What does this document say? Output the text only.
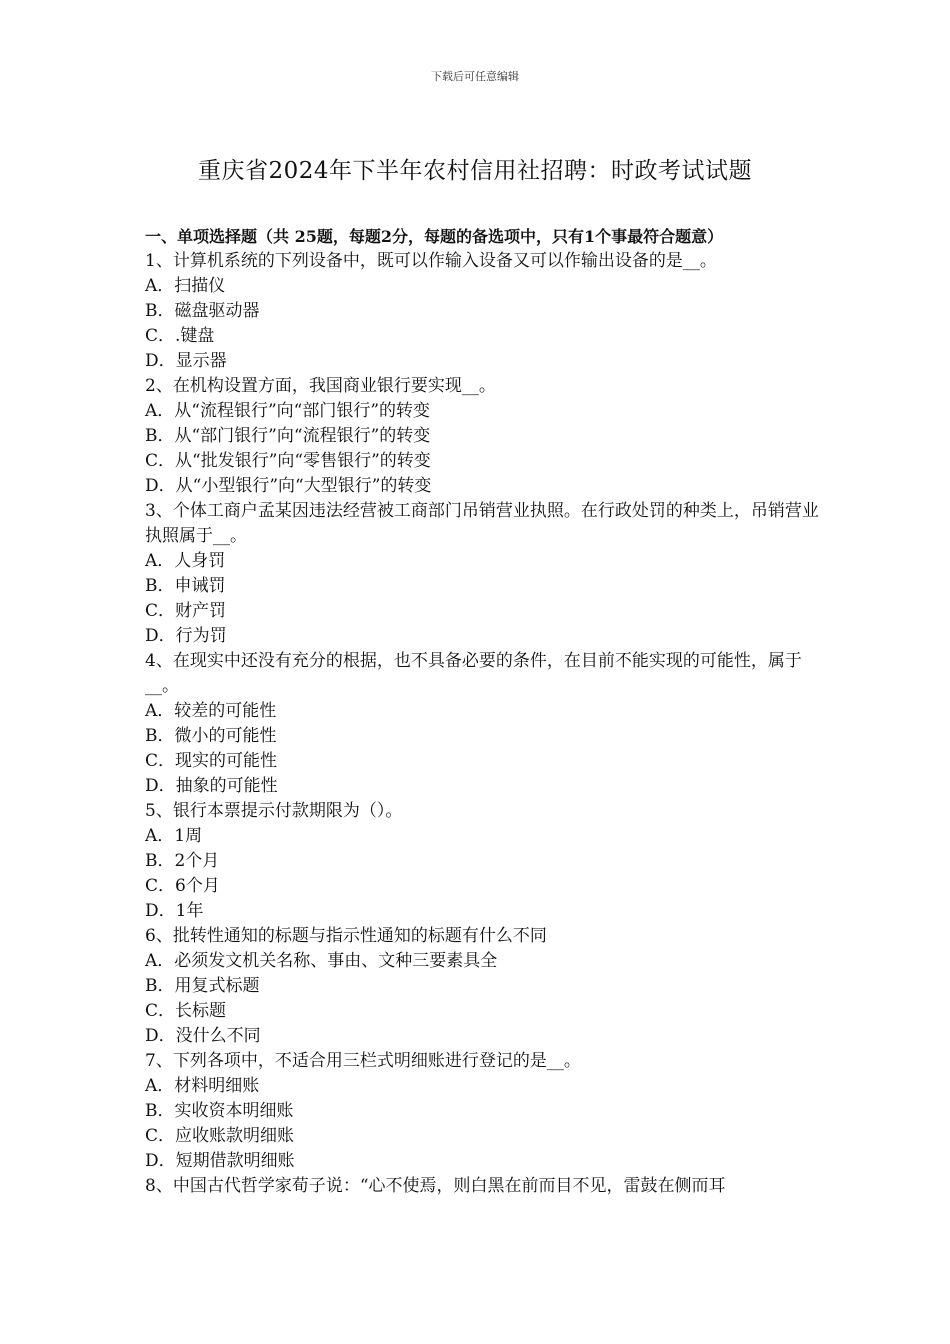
下载后可任意编辑
重庆省2024年下半年农村信用社招聘：时政考试试题

一、单项选择题（共 25题，每题2分，每题的备选项中，只有1个事最符合题意）

1、计算机系统的下列设备中，既可以作输入设备又可以作输出设备的是__。

A．扫描仪
B．磁盘驱动器
C．.键盘
D．显示器

2、在机构设置方面，我国商业银行要实现__。

A．从“流程银行”向“部门银行”的转变
B．从“部门银行”向“流程银行”的转变
C．从“批发银行”向“零售银行”的转变
D．从“小型银行”向“大型银行”的转变

3、个体工商户孟某因违法经营被工商部门吊销营业执照。在行政处罚的种类上，吊销营业执照属于__。

A．人身罚
B．申诫罚
C．财产罚
D．行为罚

4、在现实中还没有充分的根据，也不具备必要的条件，在目前不能实现的可能性，属于__。

A．较差的可能性
B．微小的可能性
C．现实的可能性
D．抽象的可能性

5、银行本票提示付款期限为（）。

A．1周
B．2个月
C．6个月
D．1年

6、批转性通知的标题与指示性通知的标题有什么不同

A．必须发文机关名称、事由、文种三要素具全
B．用复式标题
C．长标题
D．没什么不同

7、下列各项中，不适合用三栏式明细账进行登记的是__。

A．材料明细账
B．实收资本明细账
C．应收账款明细账
D．短期借款明细账

8、中国古代哲学家荀子说：“心不使焉，则白黑在前而目不见，雷鼓在侧而耳
